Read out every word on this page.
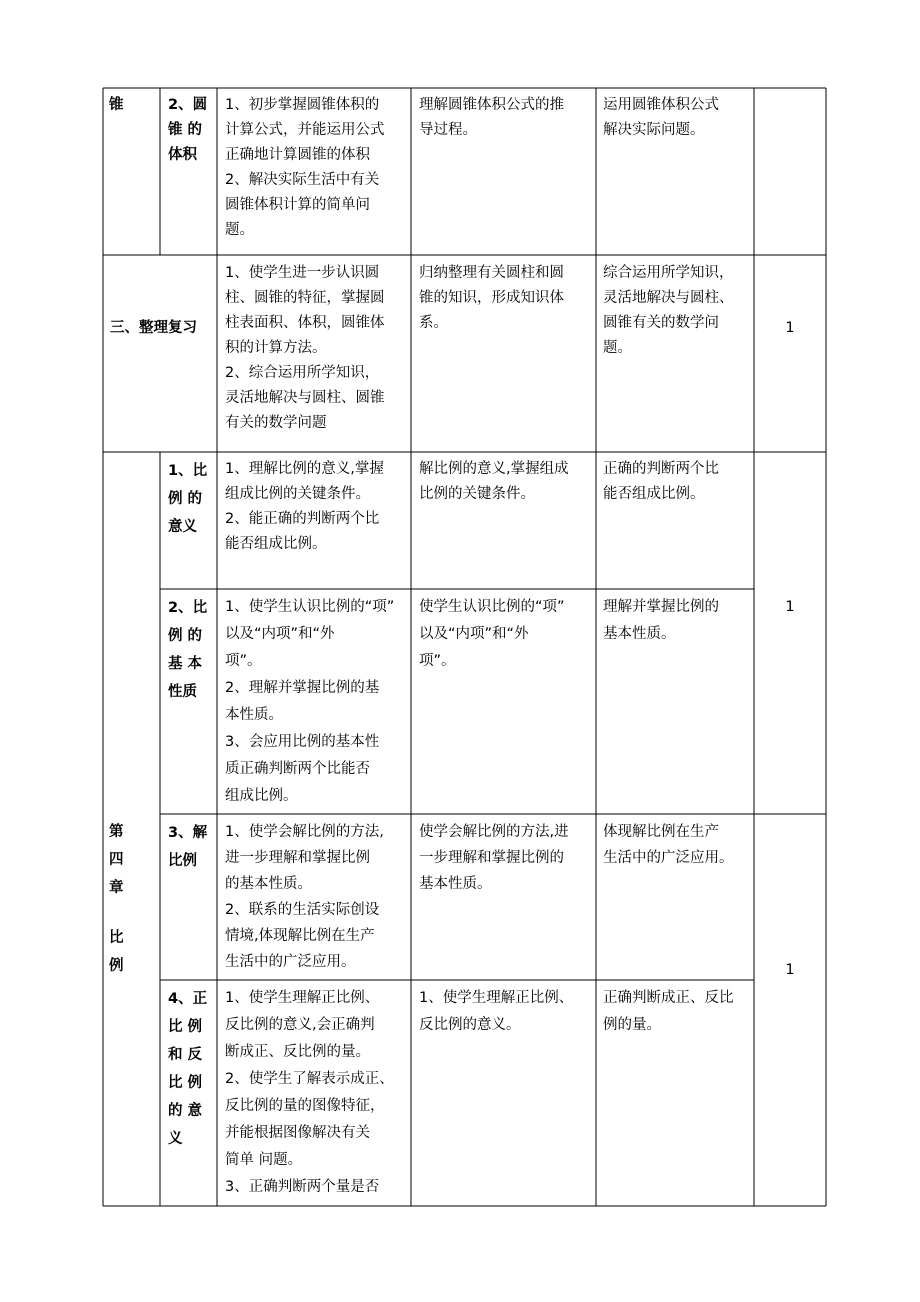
锥	2、圆
锥 的
体积
1、初步掌握圆锥体积的
计算公式，并能运用公式
正确地计算圆锥的体积
2、解决实际生活中有关
圆锥体积计算的简单问
题。
理解圆锥体积公式的推
导过程。
运用圆锥体积公式
解决实际问题。
三、整理复习
1、使学生进一步认识圆
柱、圆锥的特征，掌握圆
柱表面积、体积，圆锥体
积的计算方法。
2、综合运用所学知识，
灵活地解决与圆柱、圆锥
有关的数学问题
归纳整理有关圆柱和圆
锥的知识，形成知识体
系。
综合运用所学知识，
灵活地解决与圆柱、
圆锥有关的数学问
题。
1
第
四
章
比
例
1、比
例 的
意义
1、理解比例的意义,掌握
组成比例的关键条件。
2、能正确的判断两个比
能否组成比例。
解比例的意义,掌握组成
比例的关键条件。
正确的判断两个比
能否组成比例。
1
2、比
例 的
基 本
性质
1、使学生认识比例的“项”
以及“内项”和“外
项”。
2、理解并掌握比例的基
本性质。
3、会应用比例的基本性
质正确判断两个比能否
组成比例。
使学生认识比例的“项”
以及“内项”和“外
项”。
理解并掌握比例的
基本性质。
3、解
比例
1、使学会解比例的方法,
进一步理解和掌握比例
的基本性质。
2、联系的生活实际创设
情境,体现解比例在生产
生活中的广泛应用。
使学会解比例的方法,进
一步理解和掌握比例的
基本性质。
体现解比例在生产
生活中的广泛应用。
1
4、正
比 例
和 反
比 例
的 意
义
1、使学生理解正比例、
反比例的意义,会正确判
断成正、反比例的量。
2、使学生了解表示成正、
反比例的量的图像特征，
并能根据图像解决有关
简单 问题。
3、正确判断两个量是否
1、使学生理解正比例、
反比例的意义。
正确判断成正、反比
例的量。
